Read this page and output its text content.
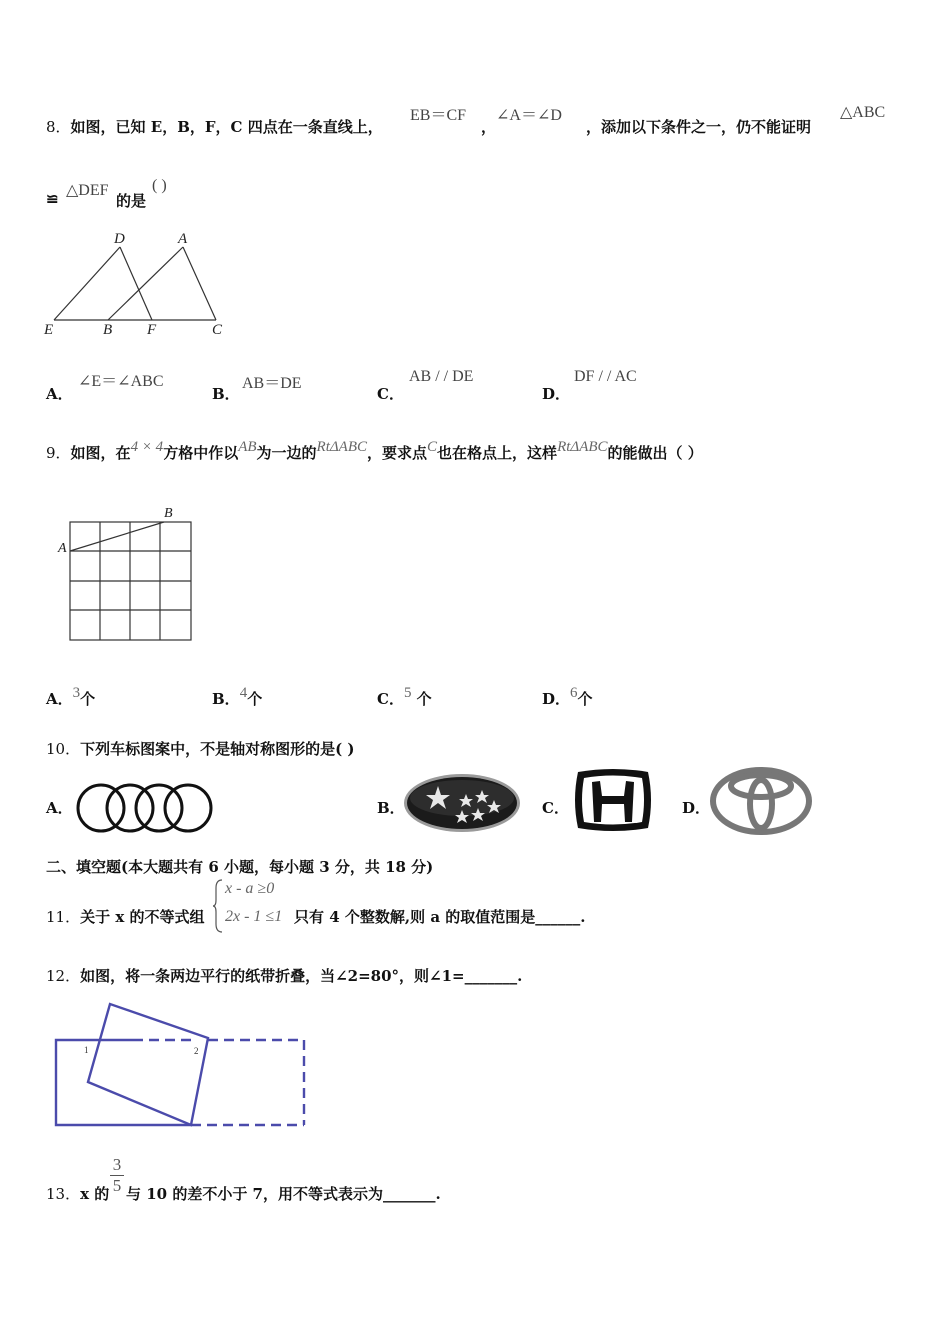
8．如图，已知 E，B，F，C 四点在一条直线上，
EB＝CF
，
∠A＝∠D
，添加以下条件之一，仍不能证明
△ABC
≌ △DEF
的是
( )
D	A
E	B F	C
A．
∠E＝∠ABC
B．
AB＝DE
C．
AB / / DE
D．
DF / / AC
9．如图，在4 × 4方格中作以AB为一边的RtΔABC，要求点C也在格点上，这样RtΔABC的能做出（ ）
A
B
A．3个	B．4个	C．5 个	D．6个
10．下列车标图案中，不是轴对称图形的是( )
A．	B．	C．	D．
二、填空题(本大题共有 6 小题，每小题 3 分，共 18 分)
11．关于 x 的不等式组
x - a ≥0
2x - 1 ≤1 只有 4 个整数解,则 a 的取值范围是______.
12．如图，将一条两边平行的纸带折叠，当∠2=80°，则∠1=_______.
1	2
13．x 的 $\frac{3}{5}$ 与 10 的差不小于 7，用不等式表示为_______.
